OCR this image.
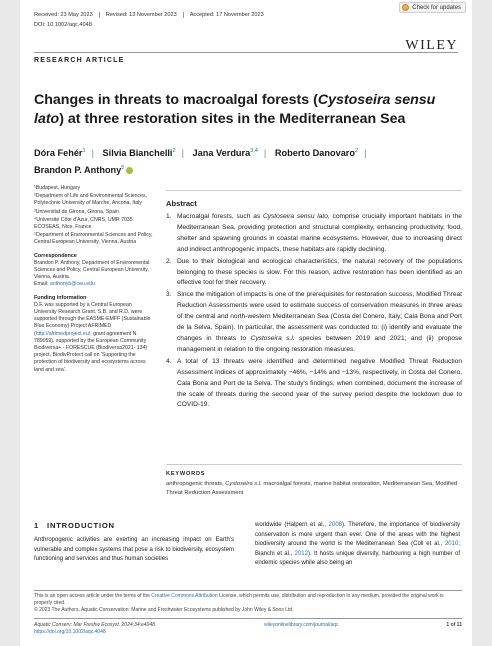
Check for updates
Received: 23 May 2023	Revised: 13 November 2023	Accepted: 17 November 2023
DOI: 10.1002/aqc.4048
WILEY
RESEARCH ARTICLE
Changes in threats to macroalgal forests (Cystoseira sensu lato) at three restoration sites in the Mediterranean Sea
Dóra Fehér$^1$ | Silvia Bianchelli$^2$ | Jana Verdura$^{3,4}$ | Roberto Danovaro$^2$ |
Brandon P. Anthony$^5$
¹Budapest, Hungary
²Department of Life and Environmental Sciences, Polytechnic University of Marche, Ancona, Italy
³Universitat de Girona, Girona, Spain
⁴Université Côte d'Azur, CNRS, UMR 7035 ECOSEAS, Nice, France
⁵Department of Environmental Sciences and Policy, Central European University, Vienna, Austria
Correspondence
Brandon P. Anthony, Department of Environmental Sciences and Policy, Central European University, Vienna, Austria.
Email: anthonyb@ceu.edu
Funding information
D.F. was supported by a Central European University Research Grant. S.B. and R.D. were supported through the EASME-EMFF (Sustainable Blue Economy) Project AFRIMED (http://afrimedproject.eu/; grant agreement N. 789059), supported by the European Community Biodiversa+ - FORESCUE (Biodiversa2021- 134) project, BiodivProtect call on 'Supporting the protection of biodiversity and ecosystems across land and sea'.
Abstract
1. Macroalgal forests, such as Cystoseira sensu lato, comprise crucially important habitats in the Mediterranean Sea, providing protection and structural complexity, enhancing productivity, food, shelter and spawning grounds in coastal marine ecosystems. However, due to increasing direct and indirect anthropogenic impacts, these habitats are rapidly declining.
2. Due to their biological and ecological characteristics, the natural recovery of the populations belonging to these species is slow. For this reason, active restoration has been identified as an effective tool for their recovery.
3. Since the mitigation of impacts is one of the prerequisites for restoration success, Modified Threat Reduction Assessments were used to estimate success of conservation measures in three areas of the central and north-western Mediterranean Sea (Costa del Conero, Italy; Cala Bona and Port de la Selva, Spain). In particular, the assessment was conducted to: (i) identify and evaluate the changes in threats to Cystoseira s.l. species between 2019 and 2021; and (ii) propose management in relation to the ongoing restoration measures.
4. A total of 13 threats were identified and determined negative Modified Threat Reduction Assessment Indices of approximately −46%, −14% and −13%, respectively, in Costa del Conero, Cala Bona and Port de la Selva. The study's findings, when combined, document the increase of the scale of threats during the second year of the survey period despite the lockdown due to COVID-19.
KEYWORDS

anthropogenic threats, Cystoseira s.l. macroalgal forests, marine habitat restoration, Mediterranean Sea, Modified Threat Reduction Assessment

1 INTRODUCTION
Anthropogenic activities are exerting an increasing impact on Earth's vulnerable and complex systems that pose a risk to biodiversity, ecosystem functioning and services and thus human societies
worldwide (Halpern et al., 2008). Therefore, the importance of biodiversity conservation is more urgent than ever. One of the areas with the highest biodiversity around the world is the Mediterranean Sea (Coll et al., 2010; Bianchi et al., 2012). It hosts unique diversity, harbouring a high number of endemic species while also being an
This is an open access article under the terms of the Creative Commons Attribution License, which permits use, distribution and reproduction in any medium, provided the original work is properly cited.
© 2023 The Authors. Aquatic Conservation: Marine and Freshwater Ecosystems published by John Wiley & Sons Ltd.
Aquatic Conserv: Mar Freshw Ecosyst. 2024;34:e4048.
https://doi.org/10.1002/aqc.4048
wileyonlinelibrary.com/journal/aqc	1 of 11
